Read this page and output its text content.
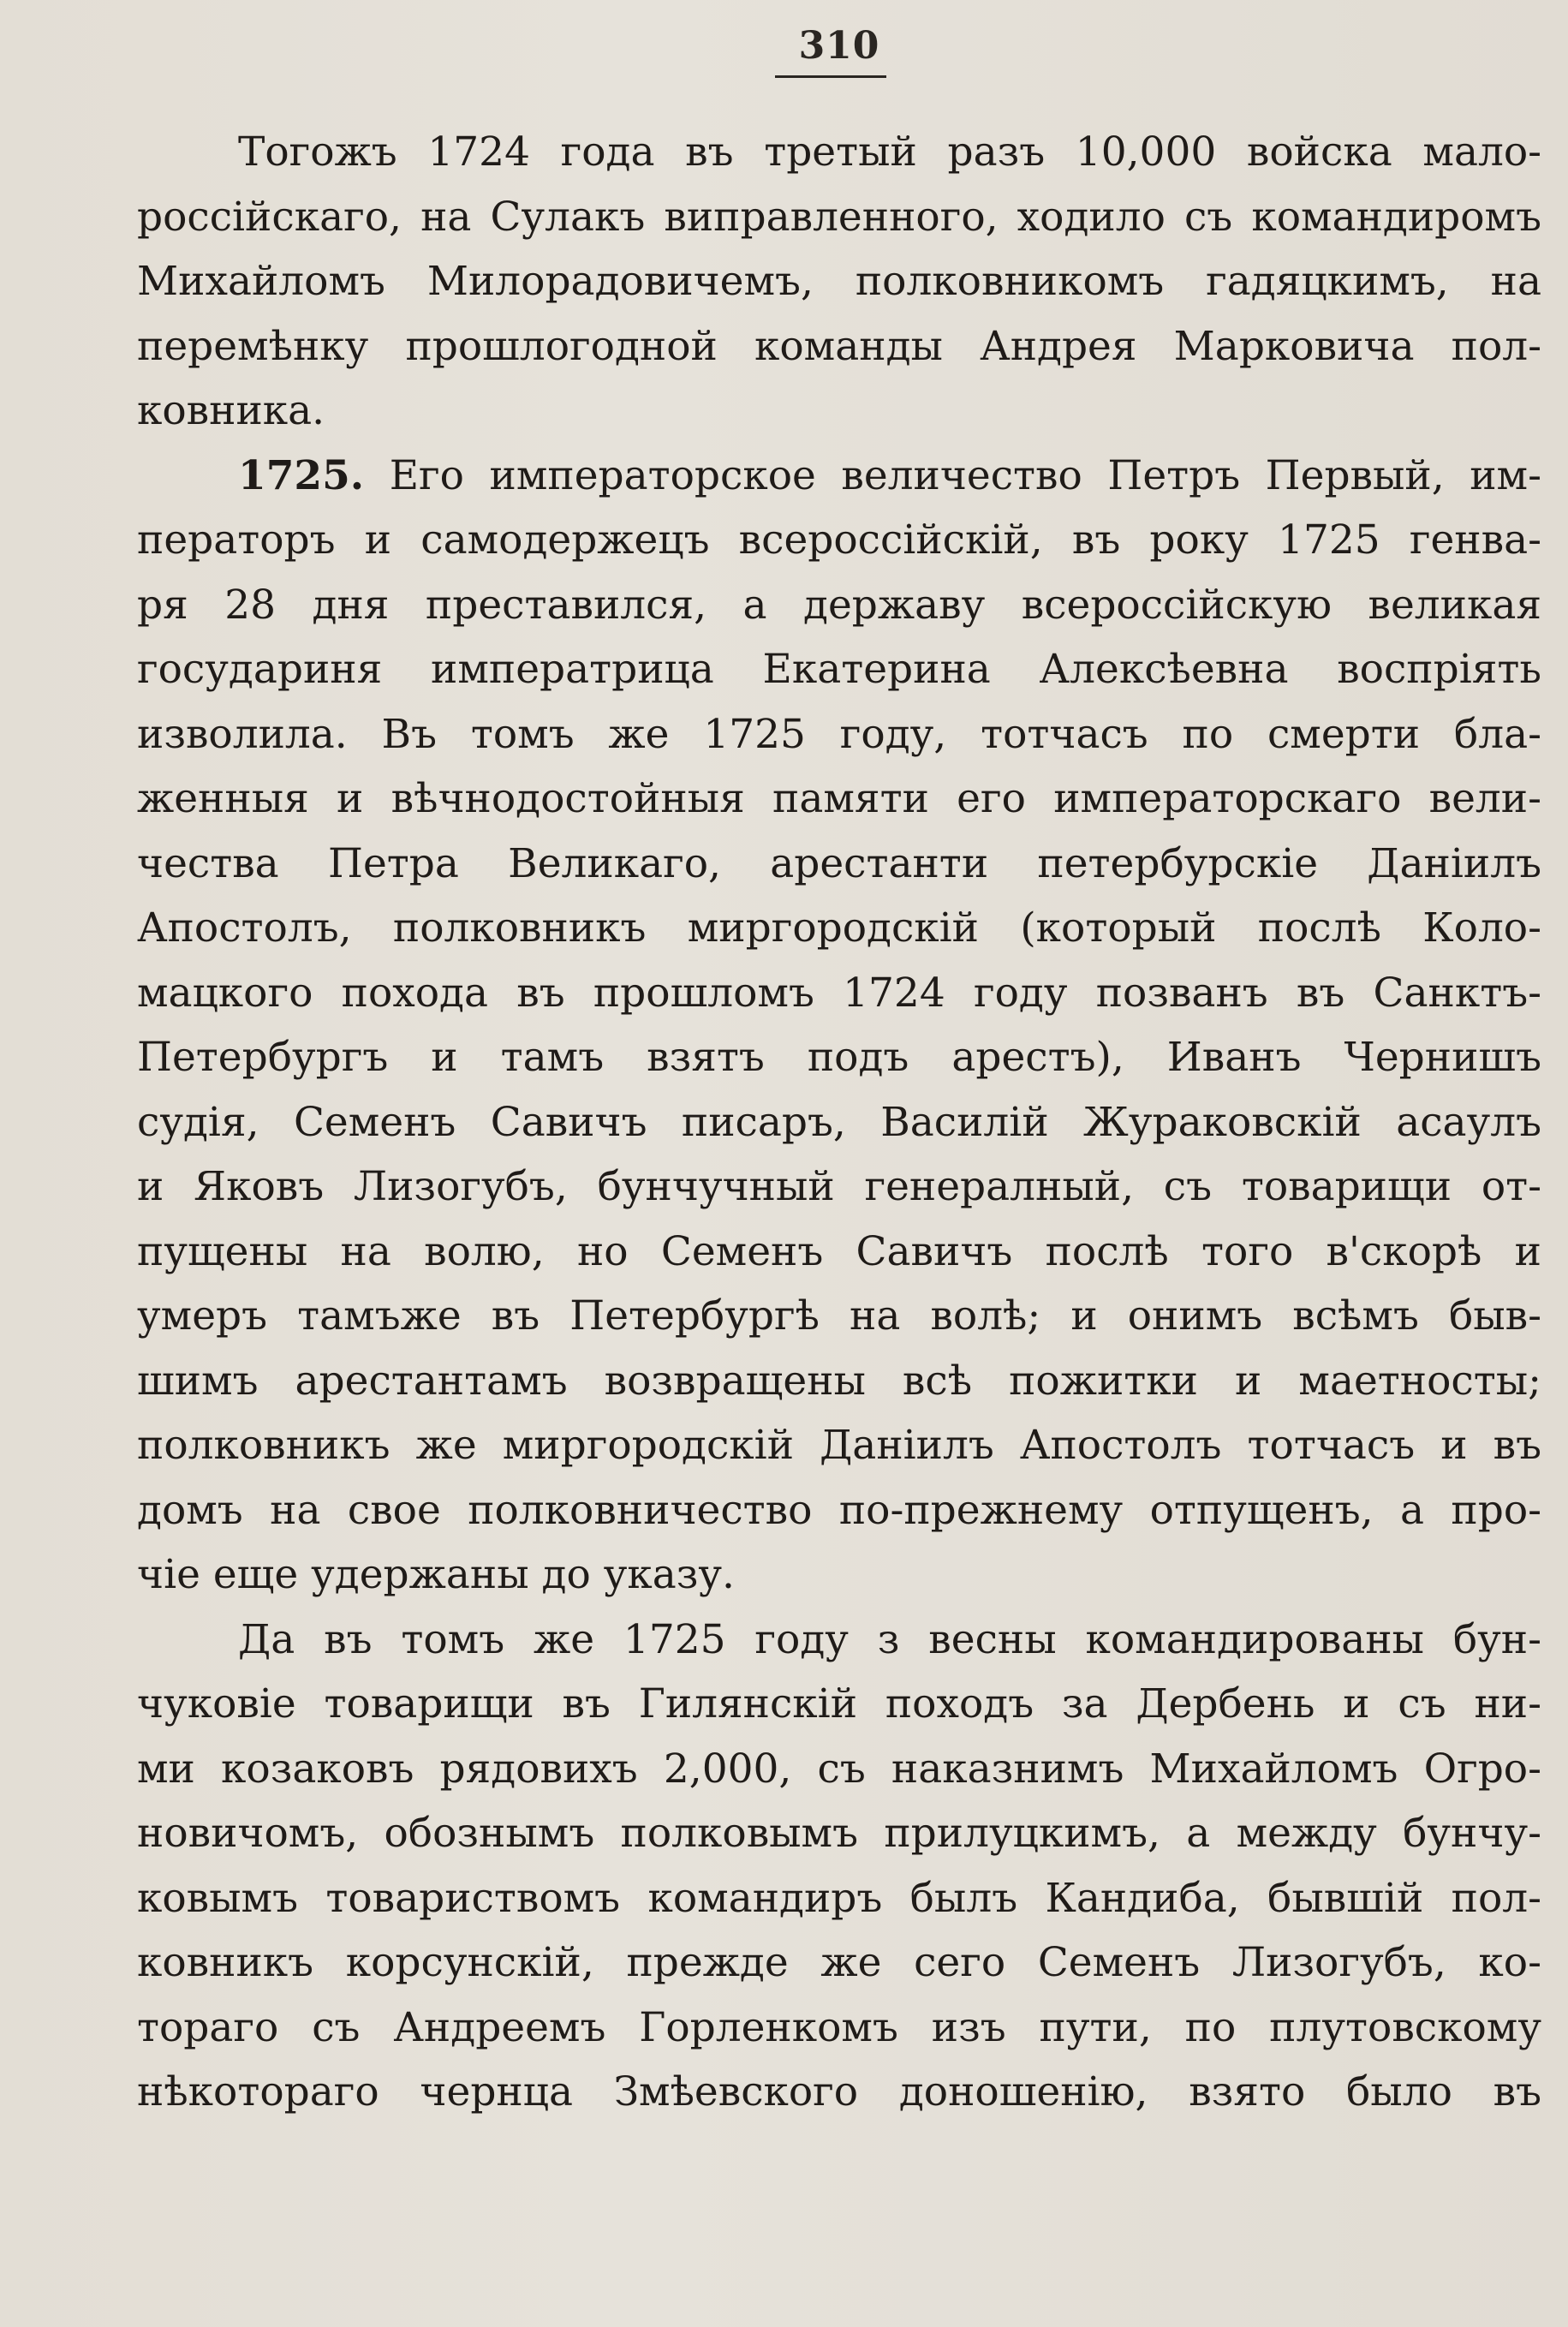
310
Тогожъ 1724 года въ третый разъ 10,000 войска мало-
россійскаго, на Сулакъ виправленного, ходило съ командиромъ
Михайломъ Милорадовичемъ, полковникомъ гадяцкимъ, на
перемѣнку прошлогодной команды Андрея Марковича пол-
ковника.
1725. Его императорское величество Петръ Первый, им-
ператоръ и самодержецъ всероссійскій, въ року 1725 генва-
ря 28 дня преставился, а державу всероссійскую великая
государиня императрица Екатерина Алексѣевна воспріять
изволила. Въ томъ же 1725 году, тотчасъ по смерти бла-
женныя и вѣчнодостойныя памяти его императорскаго вели-
чества Петра Великаго, арестанти петербурскіе Даніилъ
Апостолъ, полковникъ миргородскій (который послѣ Коло-
мацкого похода въ прошломъ 1724 году позванъ въ Санктъ-
Петербургъ и тамъ взятъ подъ арестъ), Иванъ Чернишъ
судія, Семенъ Савичъ писаръ, Василій Жураковскій асаулъ
и Яковъ Лизогубъ, бунчучный генералный, съ товарищи от-
пущены на волю, но Семенъ Савичъ послѣ того в'скорѣ и
умеръ тамъже въ Петербургѣ на волѣ; и онимъ всѣмъ быв-
шимъ арестантамъ возвращены всѣ пожитки и маетносты;
полковникъ же миргородскій Даніилъ Апостолъ тотчасъ и въ
домъ на свое полковничество по-прежнему отпущенъ, а про-
чіе еще удержаны до указу.
Да въ томъ же 1725 году з весны командированы бун-
чуковіе товарищи въ Гилянскій походъ за Дербень и съ ни-
ми козаковъ рядовихъ 2,000, съ наказнимъ Михайломъ Огро-
новичомъ, обознымъ полковымъ прилуцкимъ, а между бунчу-
ковымъ товариствомъ командиръ былъ Кандиба, бывшій пол-
ковникъ корсунскій, прежде же сего Семенъ Лизогубъ, ко-
тораго съ Андреемъ Горленкомъ изъ пути, по плутовскому
нѣкотораго чернца Змѣевского доношенію, взято было въ
